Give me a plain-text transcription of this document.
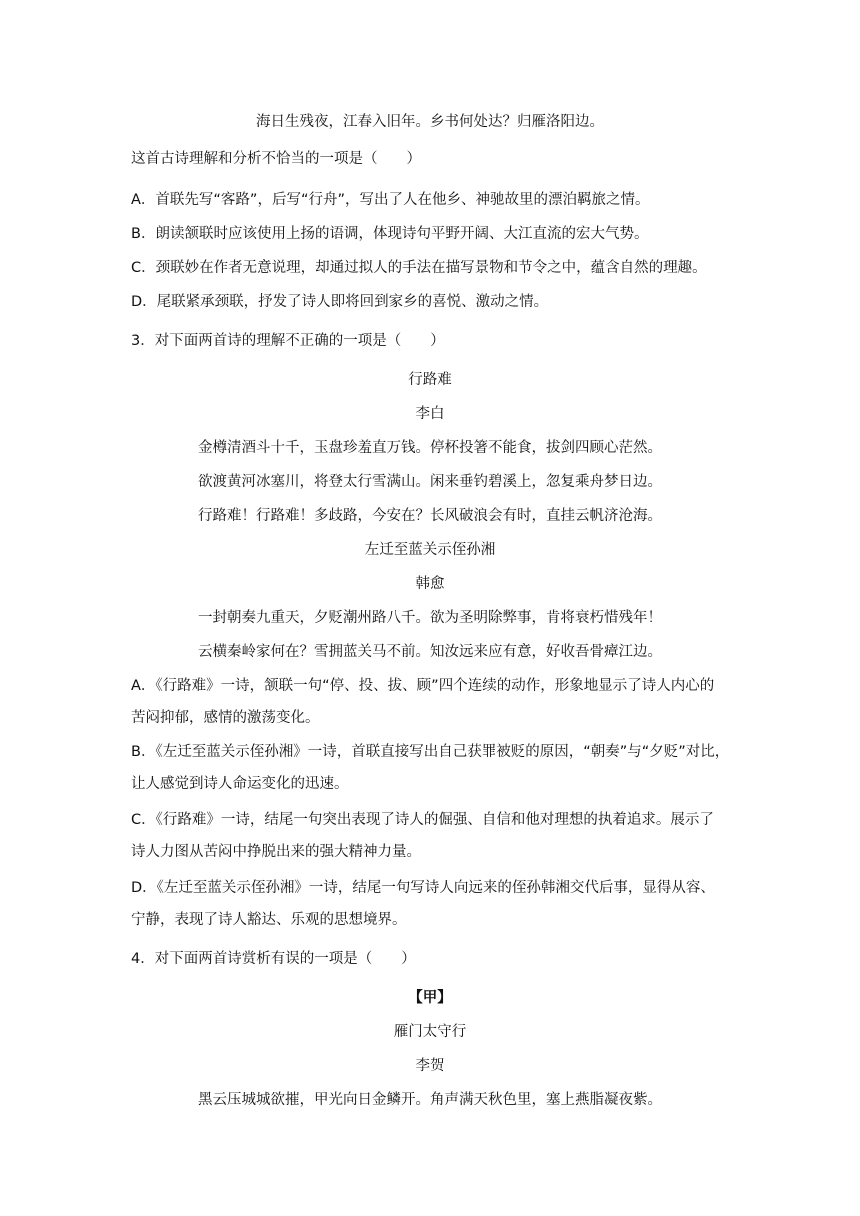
海日生残夜，江春入旧年。乡书何处达？归雁洛阳边。
这首古诗理解和分析不恰当的一项是（　　）
A．首联先写“客路”，后写“行舟”，写出了人在他乡、神驰故里的漂泊羁旅之情。
B．朗读颔联时应该使用上扬的语调，体现诗句平野开阔、大江直流的宏大气势。
C．颈联妙在作者无意说理，却通过拟人的手法在描写景物和节令之中，蕴含自然的理趣。
D．尾联紧承颈联，抒发了诗人即将回到家乡的喜悦、激动之情。
3．对下面两首诗的理解不正确的一项是（　　）
行路难
李白
金樽清酒斗十千，玉盘珍羞直万钱。停杯投箸不能食，拔剑四顾心茫然。
欲渡黄河冰塞川，将登太行雪满山。闲来垂钓碧溪上，忽复乘舟梦日边。
行路难！行路难！多歧路，今安在？长风破浪会有时，直挂云帆济沧海。
左迁至蓝关示侄孙湘
韩愈
一封朝奏九重天，夕贬潮州路八千。欲为圣明除弊事，肯将衰朽惜残年！
云横秦岭家何在？雪拥蓝关马不前。知汝远来应有意，好收吾骨瘴江边。
A．《行路难》一诗，颔联一句“停、投、拔、顾”四个连续的动作，形象地显示了诗人内心的
苦闷抑郁，感情的激荡变化。
B．《左迁至蓝关示侄孙湘》一诗，首联直接写出自己获罪被贬的原因，“朝奏”与“夕贬”对比，
让人感觉到诗人命运变化的迅速。
C．《行路难》一诗，结尾一句突出表现了诗人的倔强、自信和他对理想的执着追求。展示了
诗人力图从苦闷中挣脱出来的强大精神力量。
D．《左迁至蓝关示侄孙湘》一诗，结尾一句写诗人向远来的侄孙韩湘交代后事，显得从容、
宁静，表现了诗人豁达、乐观的思想境界。
4．对下面两首诗赏析有误的一项是（　　）
【甲】
雁门太守行
李贺
黑云压城城欲摧，甲光向日金鳞开。角声满天秋色里，塞上燕脂凝夜紫。
